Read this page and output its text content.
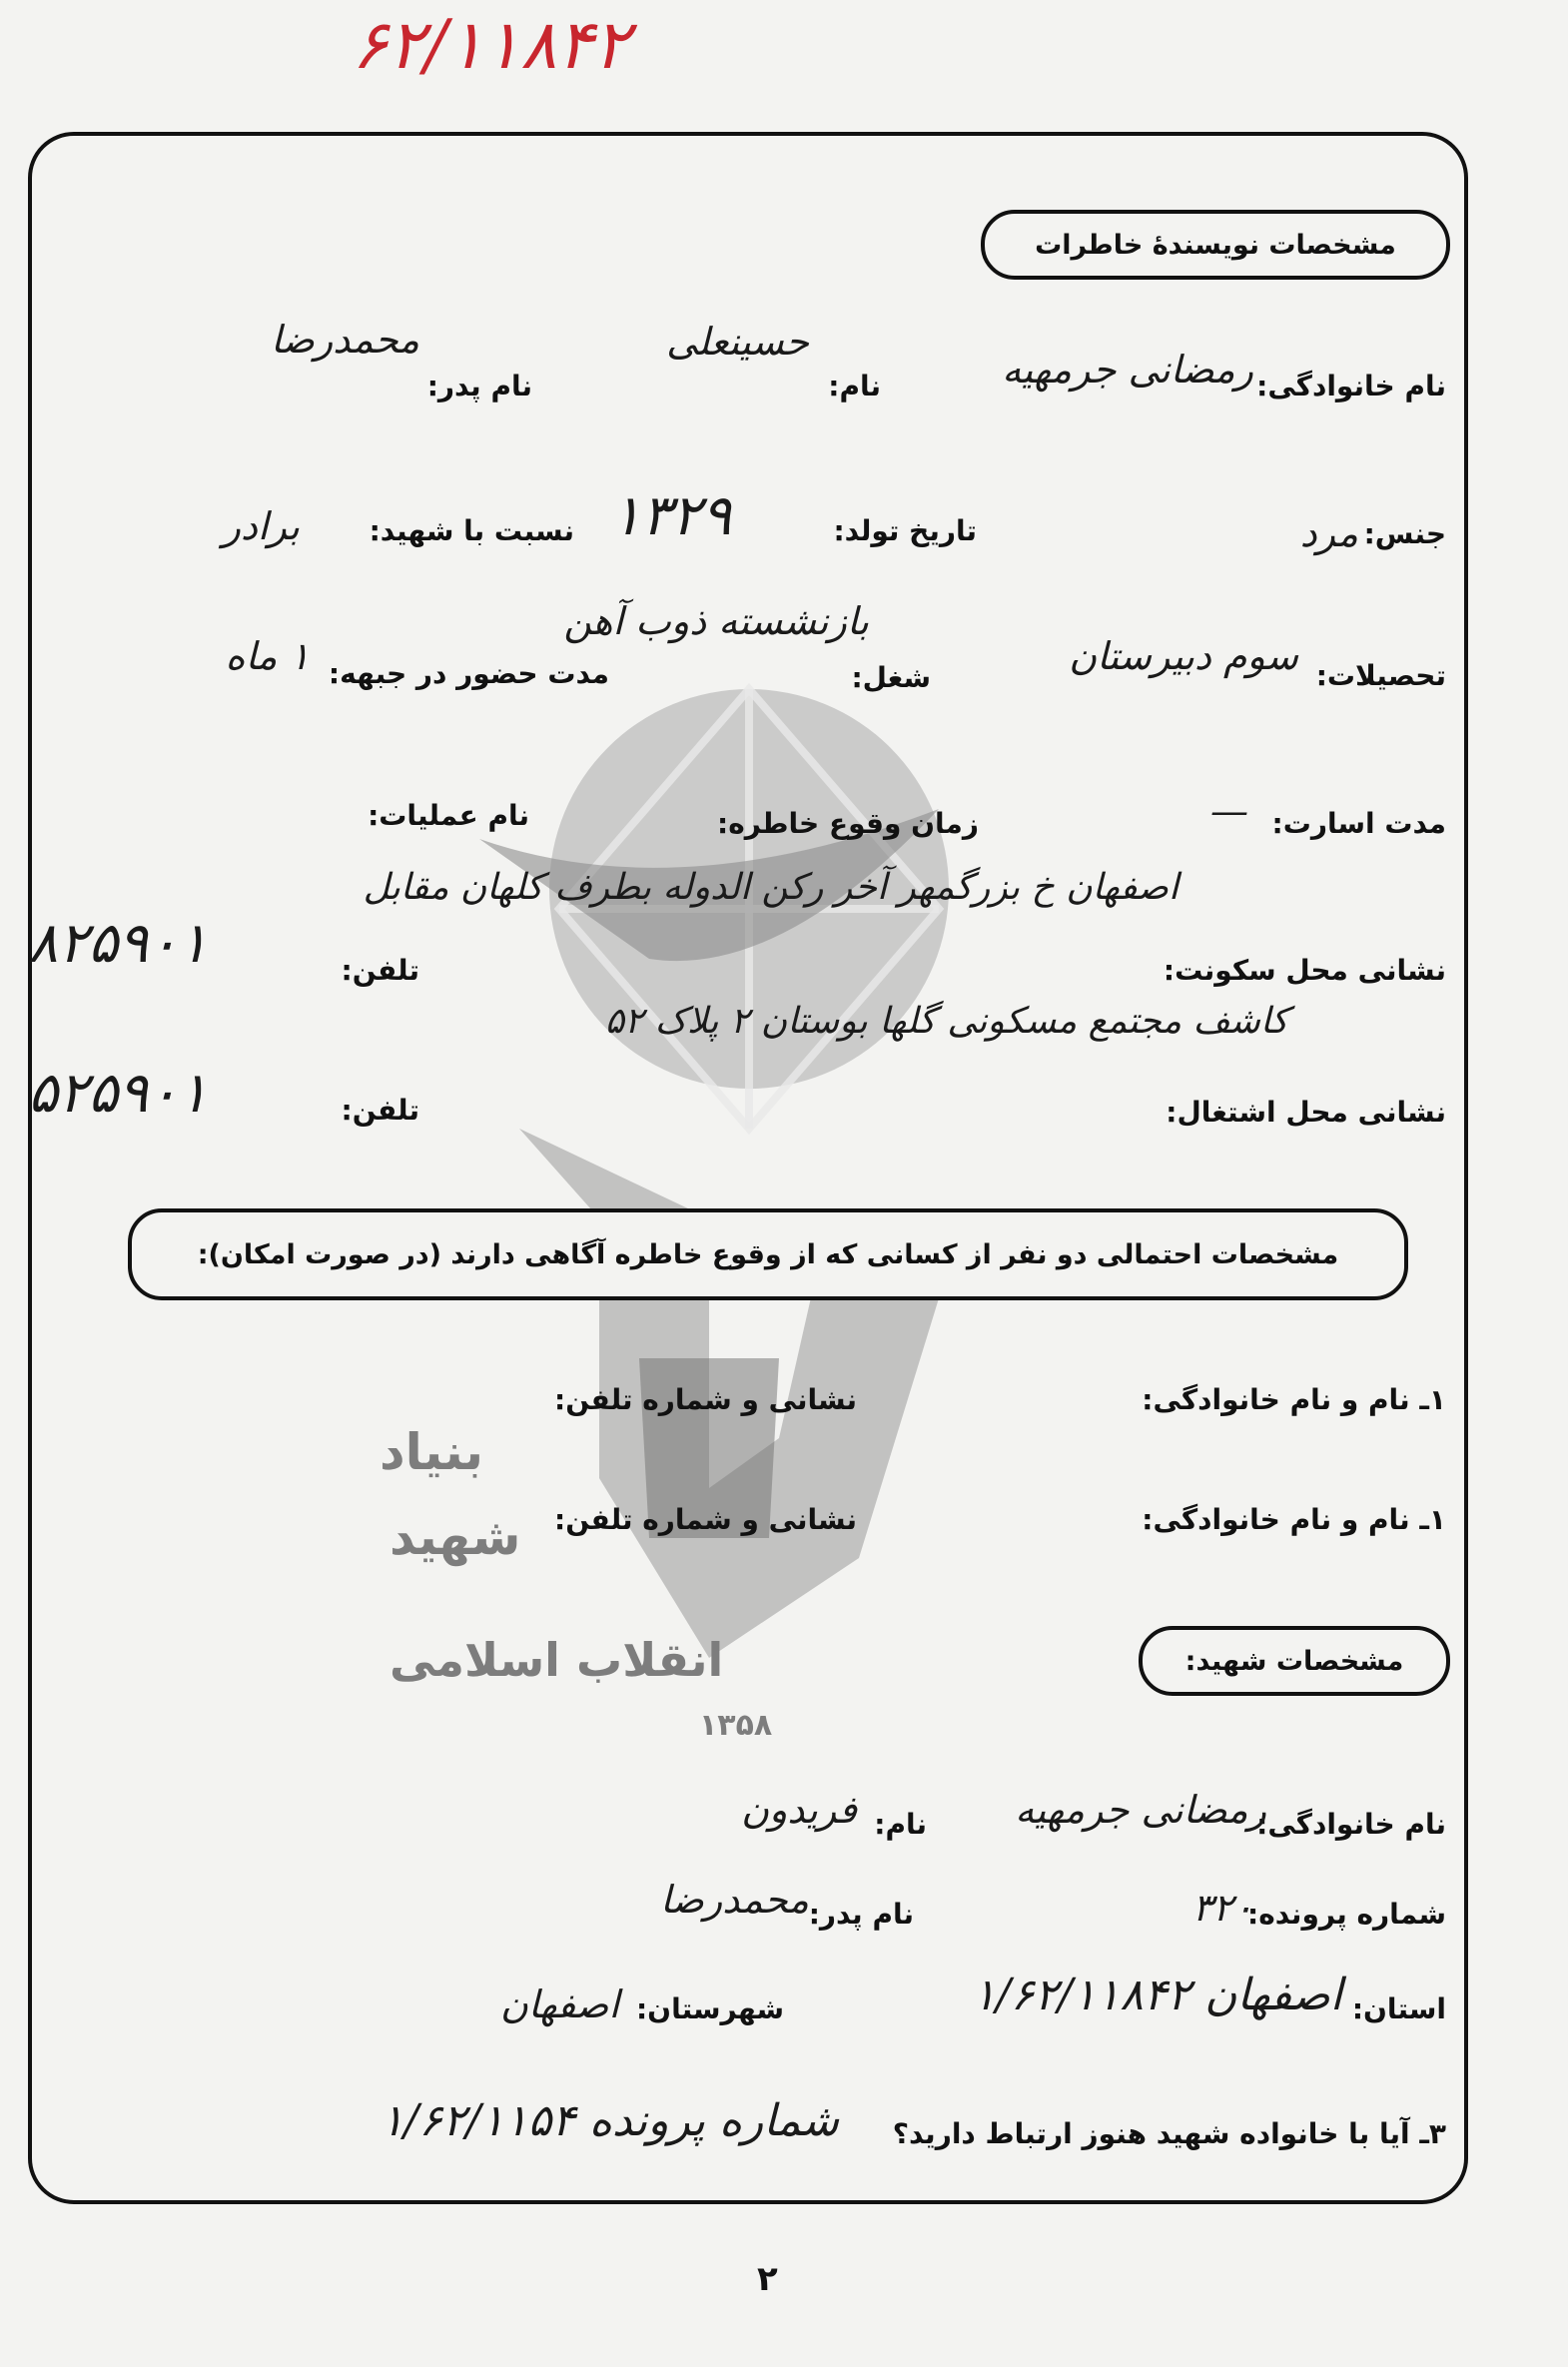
۶۲/۱۱۸۴۲
بنیاد
شهید
انقلاب اسلامی
۱۳۵۸
مشخصات نویسندهٔ خاطرات
نام خانوادگی:
رمضانی جرمهیه
نام:
حسینعلی
نام پدر:
محمدرضا
جنس:
مرد
تاریخ تولد:
۱۳۲۹
نسبت با شهید:
برادر
تحصیلات:
سوم دبیرستان
شغل:
بازنشسته ذوب آهن
مدت حضور در جبهه:
۱ ماه
مدت اسارت:
—
زمان وقوع خاطره:
نام عملیات:
نشانی محل سکونت:
اصفهان خ بزرگمهر آخر رکن الدوله بطرف کلهان مقابل
تلفن:
۸۲۵۹۰۱
کاشف مجتمع مسکونی گلها بوستان ۲ پلاک ۵۲
نشانی محل اشتغال:
تلفن:
۵۲۵۹۰۱
مشخصات احتمالی دو نفر از کسانی که از وقوع خاطره آگاهی دارند (در صورت امکان):
۱ـ نام و نام خانوادگی:
نشانی و شماره تلفن:
۱ـ نام و نام خانوادگی:
نشانی و شماره تلفن:
مشخصات شهید:
نام خانوادگی:
رمضانی جرمهیه
نام:
فریدون
شماره پرونده:
۳۲۰
نام پدر:
محمدرضا
استان:
اصفهان ۱/۶۲/۱۱۸۴۲
شهرستان:
اصفهان
۳ـ آیا با خانواده شهید هنوز ارتباط دارید؟
شماره پرونده ۱/۶۲/۱۱۵۴
۲
